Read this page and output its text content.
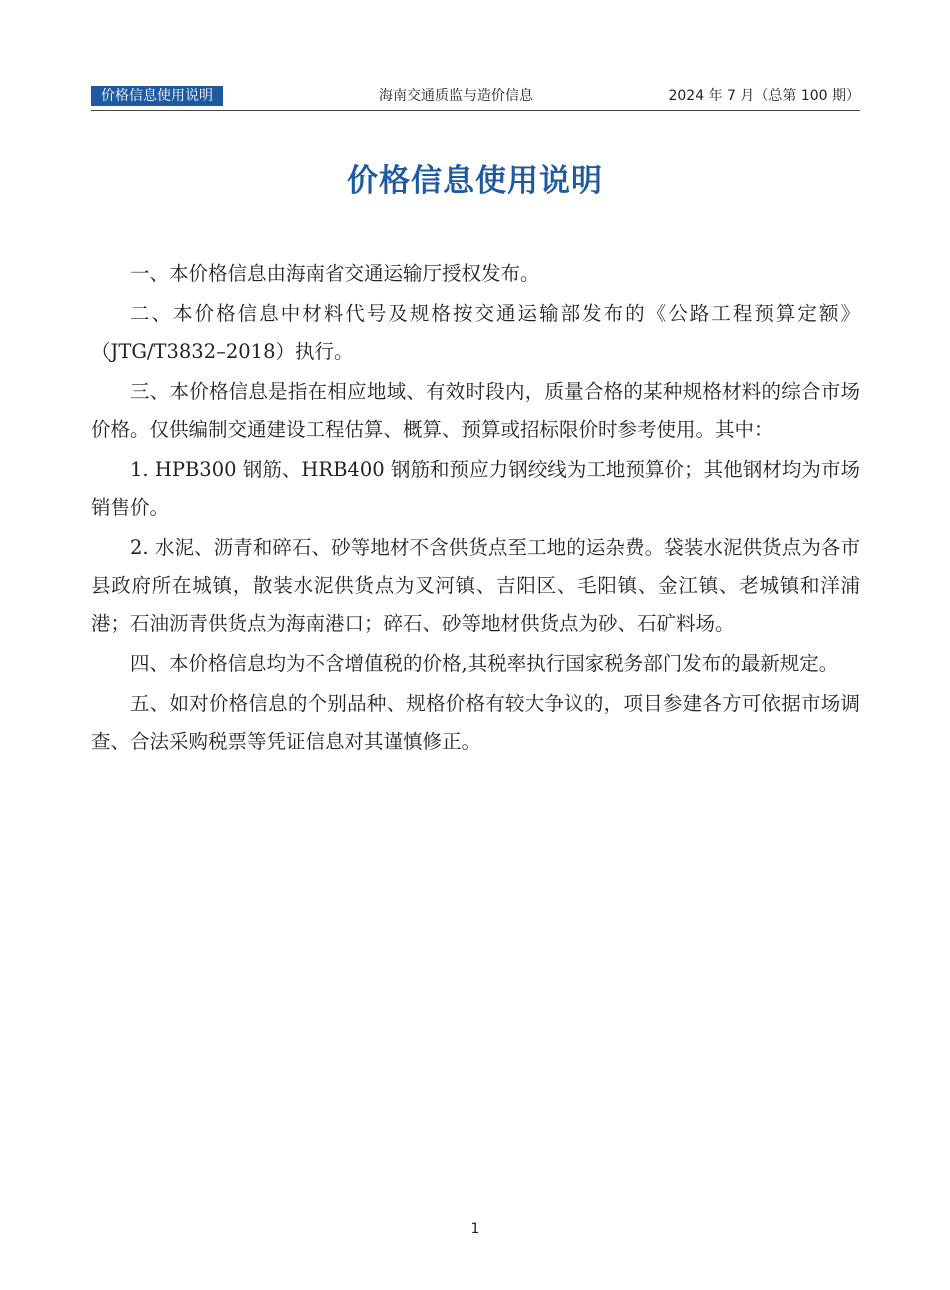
价格信息使用说明	海南交通质监与造价信息	2024 年 7 月（总第 100 期）
价格信息使用说明

一、本价格信息由海南省交通运输厅授权发布。

二、本价格信息中材料代号及规格按交通运输部发布的《公路工程预算定额》（JTG/T3832–2018）执行。

三、本价格信息是指在相应地域、有效时段内，质量合格的某种规格材料的综合市场价格。仅供编制交通建设工程估算、概算、预算或招标限价时参考使用。其中：

1. HPB300 钢筋、HRB400 钢筋和预应力钢绞线为工地预算价；其他钢材均为市场销售价。

2. 水泥、沥青和碎石、砂等地材不含供货点至工地的运杂费。袋装水泥供货点为各市县政府所在城镇，散装水泥供货点为叉河镇、吉阳区、毛阳镇、金江镇、老城镇和洋浦港；石油沥青供货点为海南港口；碎石、砂等地材供货点为砂、石矿料场。

四、本价格信息均为不含增值税的价格,其税率执行国家税务部门发布的最新规定。

五、如对价格信息的个别品种、规格价格有较大争议的，项目参建各方可依据市场调查、合法采购税票等凭证信息对其谨慎修正。

1
